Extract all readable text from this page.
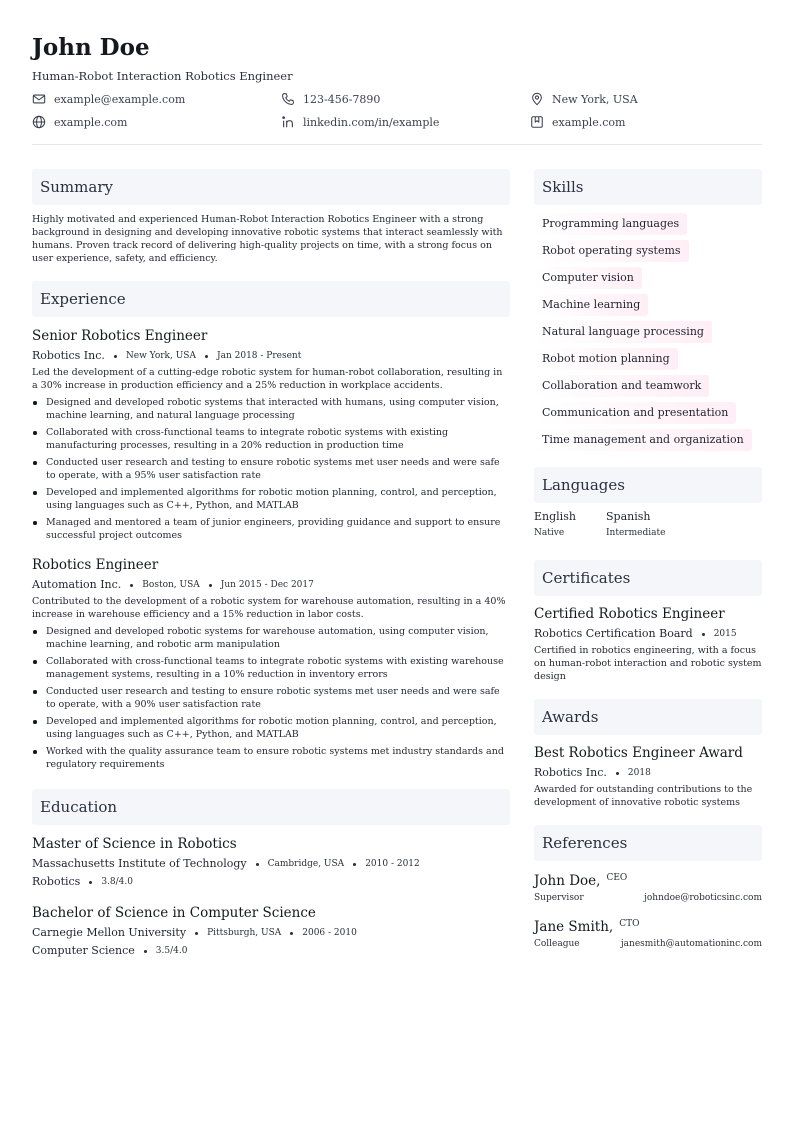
John Doe
Human-Robot Interaction Robotics Engineer
example@example.com	123-456-7890	New York, USA
example.com	linkedin.com/in/example	example.com
Summary
Highly motivated and experienced Human-Robot Interaction Robotics Engineer with a strong background in designing and developing innovative robotic systems that interact seamlessly with humans. Proven track record of delivering high-quality projects on time, with a strong focus on user experience, safety, and efficiency.
Experience
Senior Robotics Engineer
Robotics Inc. New York, USA Jan 2018 - Present
Led the development of a cutting-edge robotic system for human-robot collaboration, resulting in a 30% increase in production efficiency and a 25% reduction in workplace accidents.
Designed and developed robotic systems that interacted with humans, using computer vision, machine learning, and natural language processing
Collaborated with cross-functional teams to integrate robotic systems with existing manufacturing processes, resulting in a 20% reduction in production time
Conducted user research and testing to ensure robotic systems met user needs and were safe to operate, with a 95% user satisfaction rate
Developed and implemented algorithms for robotic motion planning, control, and perception, using languages such as C++, Python, and MATLAB
Managed and mentored a team of junior engineers, providing guidance and support to ensure successful project outcomes
Robotics Engineer
Automation Inc. Boston, USA Jun 2015 - Dec 2017
Contributed to the development of a robotic system for warehouse automation, resulting in a 40% increase in warehouse efficiency and a 15% reduction in labor costs.
Designed and developed robotic systems for warehouse automation, using computer vision, machine learning, and robotic arm manipulation
Collaborated with cross-functional teams to integrate robotic systems with existing warehouse management systems, resulting in a 10% reduction in inventory errors
Conducted user research and testing to ensure robotic systems met user needs and were safe to operate, with a 90% user satisfaction rate
Developed and implemented algorithms for robotic motion planning, control, and perception, using languages such as C++, Python, and MATLAB
Worked with the quality assurance team to ensure robotic systems met industry standards and regulatory requirements
Education
Master of Science in Robotics
Massachusetts Institute of Technology Cambridge, USA 2010 - 2012
Robotics 3.8/4.0
Bachelor of Science in Computer Science
Carnegie Mellon University Pittsburgh, USA 2006 - 2010
Computer Science 3.5/4.0
Skills
Programming languages
Robot operating systems
Computer vision
Machine learning
Natural language processing
Robot motion planning
Collaboration and teamwork
Communication and presentation
Time management and organization
Languages
English
Native
Spanish
Intermediate
Certificates
Certified Robotics Engineer
Robotics Certification Board 2015
Certified in robotics engineering, with a focus on human-robot interaction and robotic system design
Awards
Best Robotics Engineer Award
Robotics Inc. 2018
Awarded for outstanding contributions to the development of innovative robotic systems
References
John Doe, CEO
Supervisor	johndoe@roboticsinc.com
Jane Smith, CTO
Colleague	janesmith@automationinc.com
